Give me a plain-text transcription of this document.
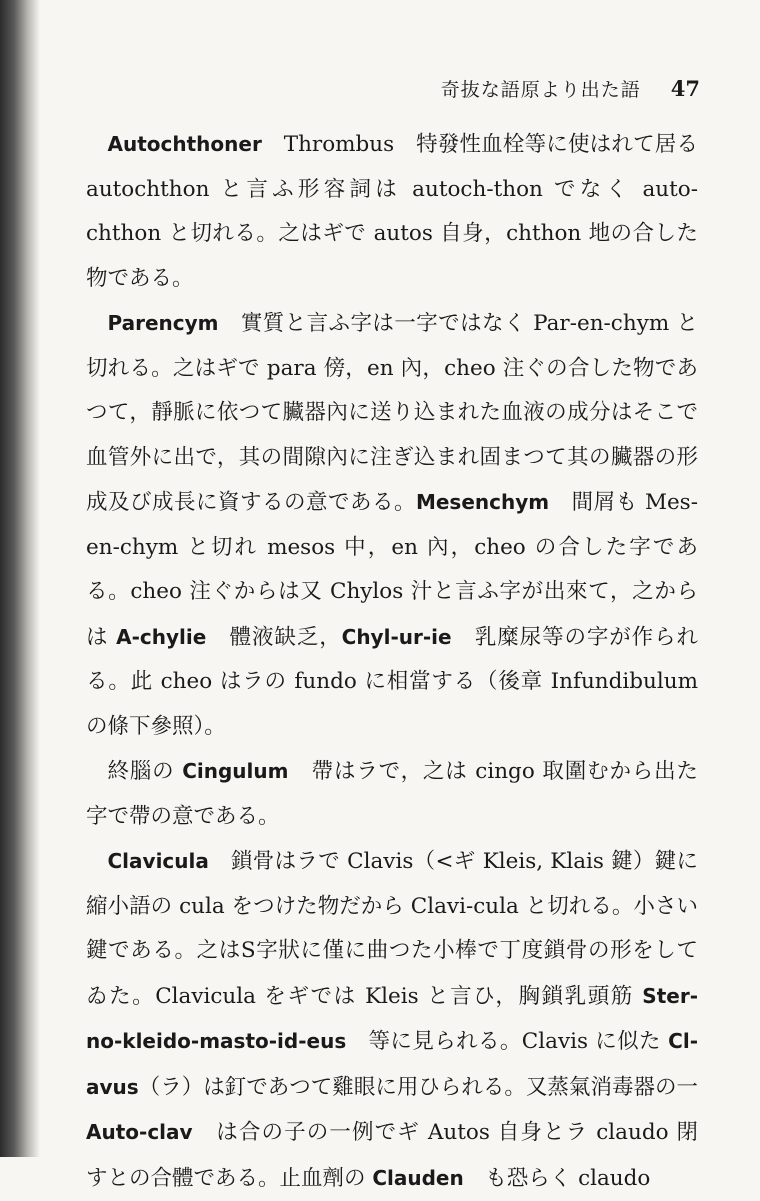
奇抜な語原より出た語 47

Autochthoner　Thrombus　特發性血栓等に使はれて居る autochthon と言ふ形容詞は autoch-thon でなく auto-chthon と切れる。之はギで autos 自身，chthon 地の合した物である。

Parencym　實質と言ふ字は一字ではなく Par-en-chym と切れる。之はギで para 傍，en 內，cheo 注ぐの合した物であつて，靜脈に依つて臟器內に送り込まれた血液の成分はそこで血管外に出で，其の間隙內に注ぎ込まれ固まつて其の臟器の形成及び成長に資するの意である。Mesenchym　間屑も Mes-en-chym と切れ mesos 中，en 內，cheo の合した字である。cheo 注ぐからは又 Chylos 汁と言ふ字が出來て，之からは A-chylie　體液缺乏，Chyl-ur-ie　乳糜尿等の字が作られる。此 cheo はラの fundo に相當する（後章 Infundibulum の條下參照）。

終腦の Cingulum　帶はラで，之は cingo 取圍むから出た字で帶の意である。

Clavicula　鎖骨はラで Clavis（<ギ Kleis, Klais 鍵）鍵に縮小語の cula をつけた物だから Clavi-cula と切れる。小さい鍵である。之はS字狀に僅に曲つた小棒で丁度鎖骨の形をしてゐた。Clavicula をギでは Kleis と言ひ，胸鎖乳頭筋 Ster-no-kleido-masto-id-eus　等に見られる。Clavis に似た Cl-avus（ラ）は釘であつて雞眼に用ひられる。又蒸氣消毒器の一 Auto-clav　は合の子の一例でギ Autos 自身とラ claudo 閉すとの合體である。止血劑の Clauden　も恐らく claudo
